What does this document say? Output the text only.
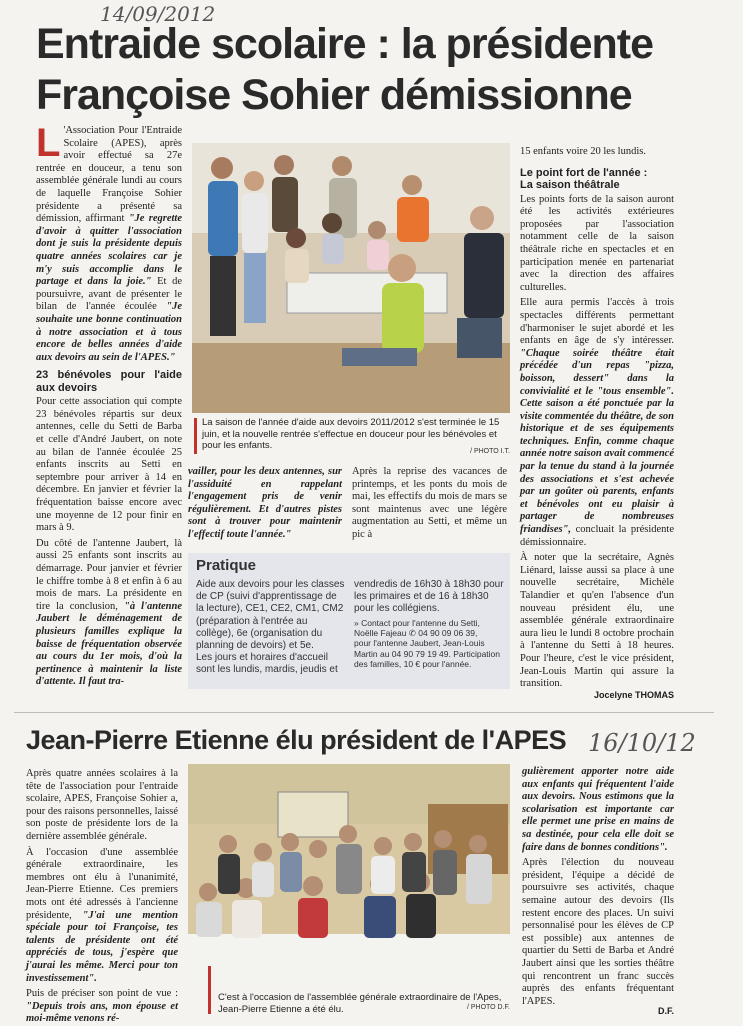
14/09/2012
Entraide scolaire : la présidente
Françoise Sohier démissionne

L 'Association Pour l'Entraide Scolaire (APES), après avoir effectué sa 27e rentrée en douceur, a tenu son assemblée générale lundi au cours de laquelle Françoise Sohier présidente a présenté sa démission, affirmant "Je regrette d'avoir à quitter l'association dont je suis la présidente depuis quatre années scolaires car je m'y suis accomplie dans le partage et dans la joie." Et de poursuivre, avant de présenter le bilan de l'année écoulée "Je souhaite une bonne continuation à notre association et à tous encore de belles années d'aide aux devoirs au sein de l'APES."

23 bénévoles pour l'aide aux devoirs

Pour cette association qui compte 23 bénévoles répartis sur deux antennes, celle du Setti de Barba et celle d'André Jaubert, on note au bilan de l'année écoulée 25 enfants inscrits au Setti en septembre pour arriver à 14 en décembre. En janvier et février la fréquentation baisse encore avec une moyenne de 12 pour finir en mars à 9.

Du côté de l'antenne Jaubert, là aussi 25 enfants sont inscrits au démarrage. Pour janvier et février le chiffre tombe à 8 et enfin à 6 au mois de mars. La présidente en tire la conclusion, "à l'antenne Jaubert le déménagement de plusieurs familles explique la baisse de fréquentation observée au cours du 1er mois, d'où la pertinence à maintenir la liste d'attente. Il faut tra-

La saison de l'année d'aide aux devoirs 2011/2012 s'est terminée le 15 juin, et la nouvelle rentrée s'effectue en douceur pour les bénévoles et pour les enfants.
/ PHOTO I.T.

vailler, pour les deux antennes, sur l'assiduité en rappelant l'engagement pris de venir régulièrement. Et d'autres pistes sont à trouver pour maintenir l'effectif toute l'année."

Après la reprise des vacances de printemps, et les ponts du mois de mai, les effectifs du mois de mars se sont maintenus avec une légère augmentation au Setti, et même un pic à

Pratique
Aide aux devoirs pour les classes de CP (suivi d'apprentissage de la lecture), CE1, CE2, CM1, CM2 (préparation à l'entrée au collège), 6e (organisation du planning de devoirs) et 5e.
Les jours et horaires d'accueil sont les lundis, mardis, jeudis et
vendredis de 16h30 à 18h30 pour les primaires et de 16 à 18h30 pour les collégiens.
» Contact pour l'antenne du Setti, Noëlle Fajeau ✆ 04 90 09 06 39,
pour l'antenne Jaubert, Jean-Louis Martin au 04 90 79 19 49. Participation des familles, 10 € pour l'année.

15 enfants voire 20 les lundis.

Le point fort de l'année :
La saison théâtrale

Les points forts de la saison auront été les activités extérieures proposées par l'association notamment celle de la saison théâtrale riche en spectacles et en participation menée en partenariat avec la direction des affaires culturelles.

Elle aura permis l'accès à trois spectacles différents permettant d'harmoniser le sujet abordé et les enfants en âge de s'y intéresser. "Chaque soirée théâtre était précédée d'un repas "pizza, boisson, dessert" dans la convivialité et le "tous ensemble". Cette saison a été ponctuée par la visite commentée du théâtre, de son historique et de ses équipements techniques. Enfin, comme chaque année notre saison avait commencé par la tenue du stand à la journée des associations et s'est achevée par un goûter où parents, enfants et bénévoles ont eu plaisir à partager de nombreuses friandises", concluait la présidente démissionnaire.

À noter que la secrétaire, Agnès Liénard, laisse aussi sa place à une nouvelle secrétaire, Michèle Talandier et qu'en l'absence d'un nouveau président élu, une assemblée générale extraordinaire aura lieu le lundi 8 octobre prochain à l'antenne du Setti à 18 heures. Pour l'heure, c'est le vice président, Jean-Louis Martin qui assure la transition.

Jocelyne THOMAS
Jean-Pierre Etienne élu président de l'APES 16/10/12

Après quatre années scolaires à la tête de l'association pour l'entraide scolaire, APES, Françoise Sohier a, pour des raisons personnelles, laissé son poste de présidente lors de la dernière assemblée générale.

À l'occasion d'une assemblée générale extraordinaire, les membres ont élu à l'unanimité, Jean-Pierre Etienne. Ces premiers mots ont été adressés à l'ancienne présidente, "J'ai une mention spéciale pour toi Françoise, tes talents de présidente ont été appréciés de tous, j'espère que j'aurai les même. Merci pour ton investissement".

Puis de préciser son point de vue : "Depuis trois ans, mon épouse et moi-même venons ré-

C'est à l'occasion de l'assemblée générale extraordinaire de l'Apes, Jean-Pierre Etienne a été élu.	/ PHOTO D.F.

gulièrement apporter notre aide aux enfants qui fréquentent l'aide aux devoirs. Nous estimons que la scolarisation est importante car elle permet une prise en mains de sa destinée, pour cela elle doit se faire dans de bonnes conditions".

Après l'élection du nouveau président, l'équipe a décidé de poursuivre ses activités, chaque semaine autour des devoirs (Ils restent encore des places. Un suivi personnalisé pour les élèves de CP est possible) aux antennes de quartier du Setti de Barba et André Jaubert ainsi que les sorties théâtre qui rencontrent un franc succès auprès des enfants fréquentant l'APES.

D.F.
